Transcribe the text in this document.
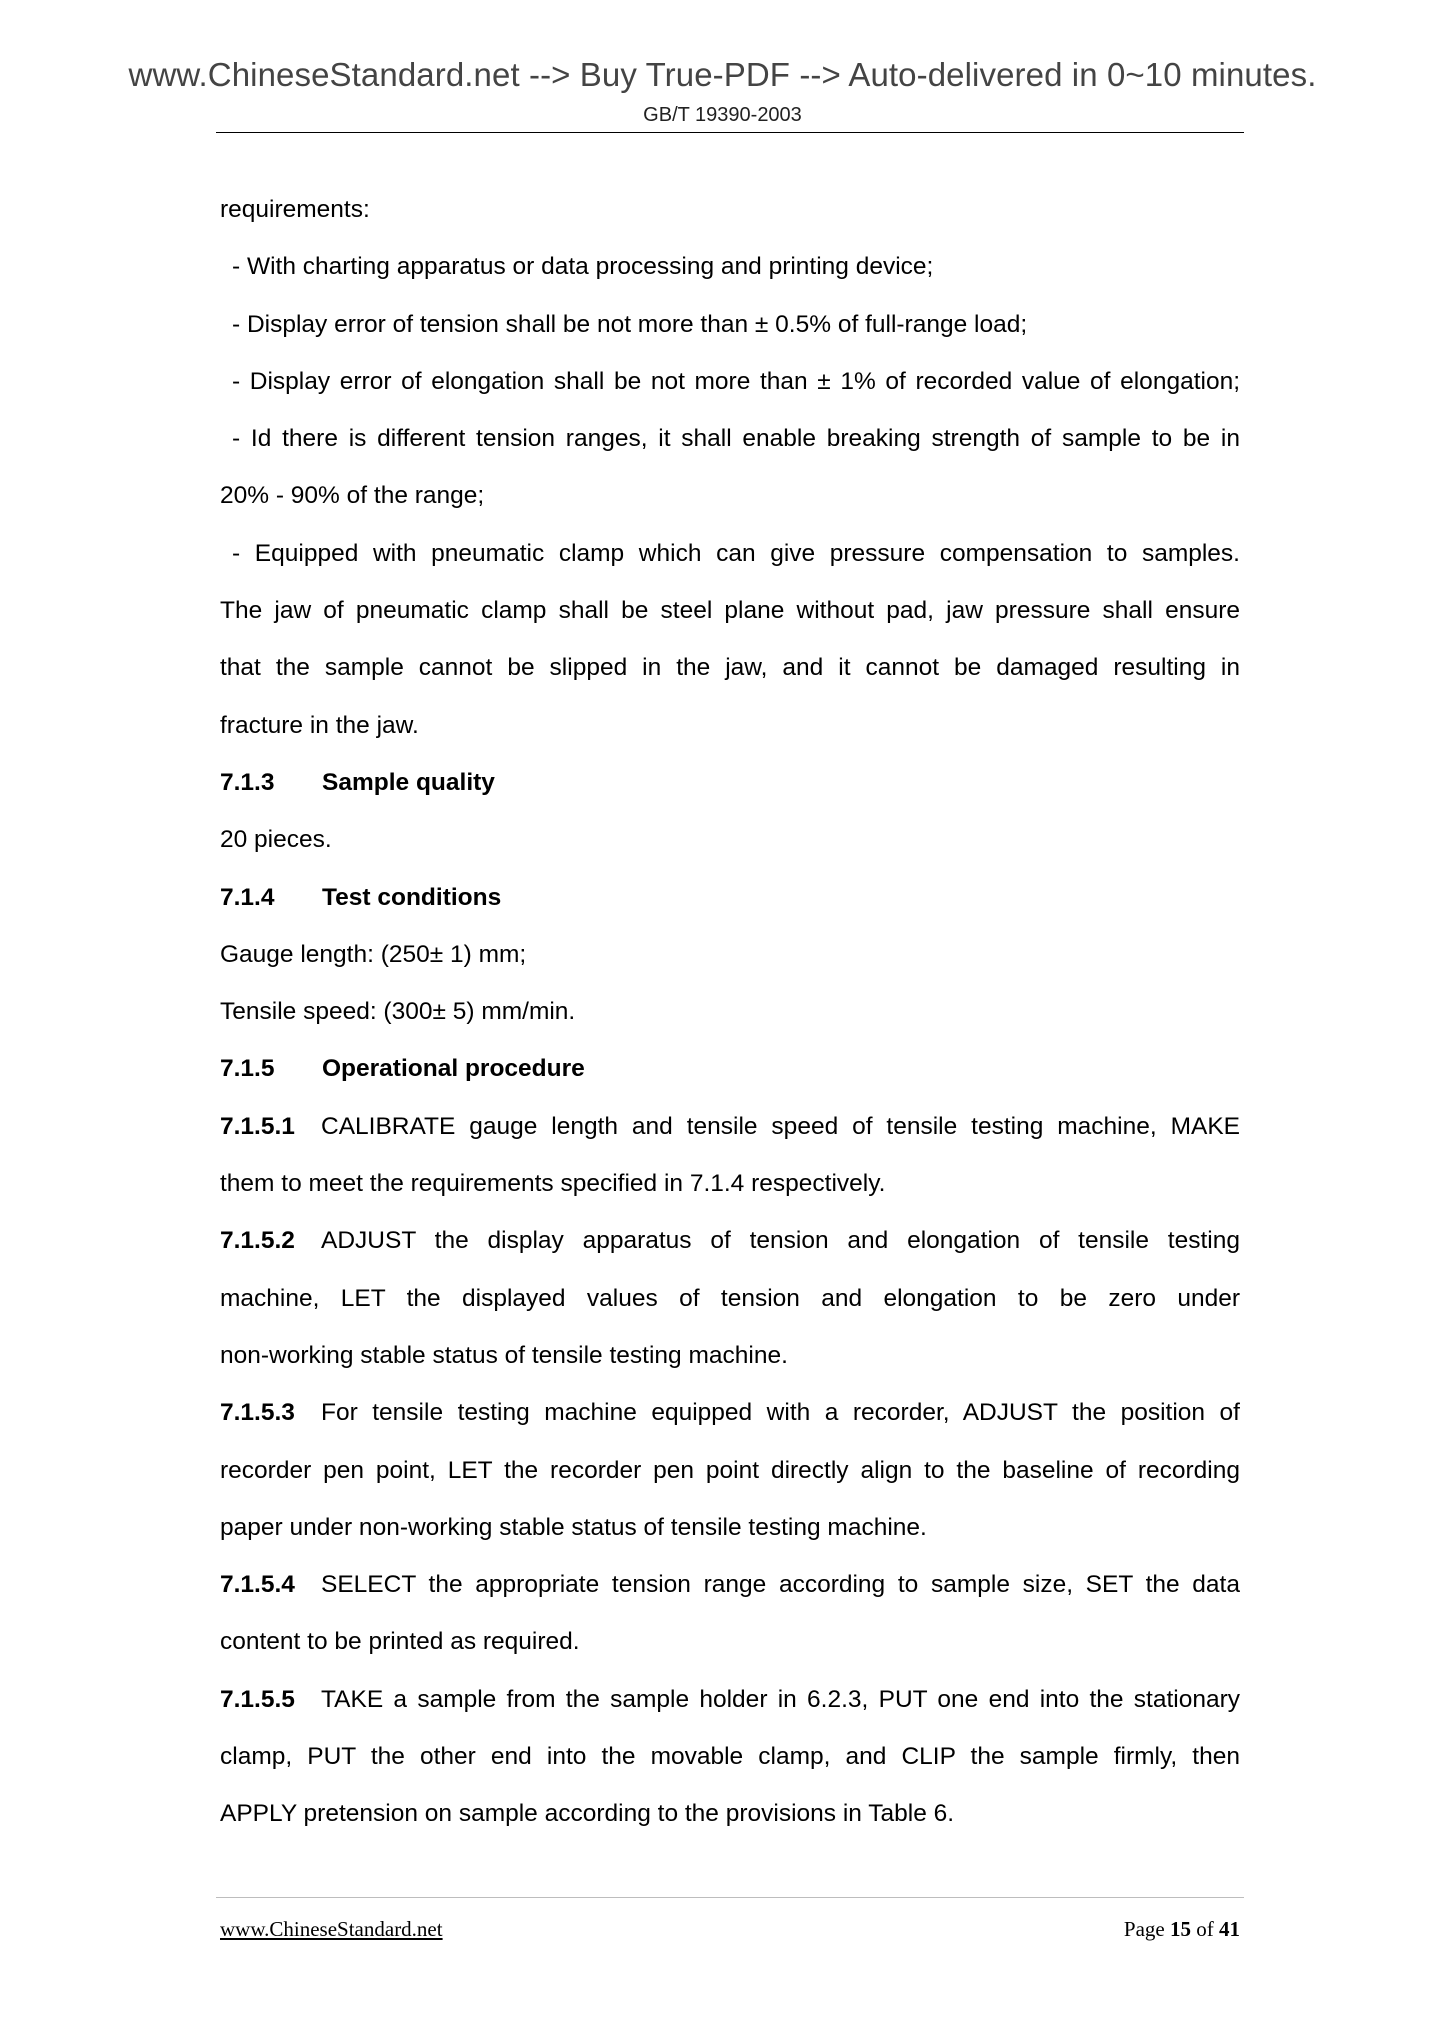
www.ChineseStandard.net --> Buy True-PDF --> Auto-delivered in 0~10 minutes.
GB/T 19390-2003
requirements:
- With charting apparatus or data processing and printing device;
- Display error of tension shall be not more than ± 0.5% of full-range load;
- Display error of elongation shall be not more than ± 1% of recorded value of elongation;
- Id there is different tension ranges, it shall enable breaking strength of sample to be in
20% - 90% of the range;
- Equipped with pneumatic clamp which can give pressure compensation to samples.
The jaw of pneumatic clamp shall be steel plane without pad, jaw pressure shall ensure
that the sample cannot be slipped in the jaw, and it cannot be damaged resulting in
fracture in the jaw.
7.1.3 Sample quality
20 pieces.
7.1.4 Test conditions
Gauge length: (250± 1) mm;
Tensile speed: (300± 5) mm/min.
7.1.5 Operational procedure
7.1.5.1 CALIBRATE gauge length and tensile speed of tensile testing machine, MAKE
them to meet the requirements specified in 7.1.4 respectively.
7.1.5.2 ADJUST the display apparatus of tension and elongation of tensile testing
machine, LET the displayed values of tension and elongation to be zero under
non-working stable status of tensile testing machine.
7.1.5.3 For tensile testing machine equipped with a recorder, ADJUST the position of
recorder pen point, LET the recorder pen point directly align to the baseline of recording
paper under non-working stable status of tensile testing machine.
7.1.5.4 SELECT the appropriate tension range according to sample size, SET the data
content to be printed as required.
7.1.5.5 TAKE a sample from the sample holder in 6.2.3, PUT one end into the stationary
clamp, PUT the other end into the movable clamp, and CLIP the sample firmly, then
APPLY pretension on sample according to the provisions in Table 6.
www.ChineseStandard.net	Page 15 of 41
